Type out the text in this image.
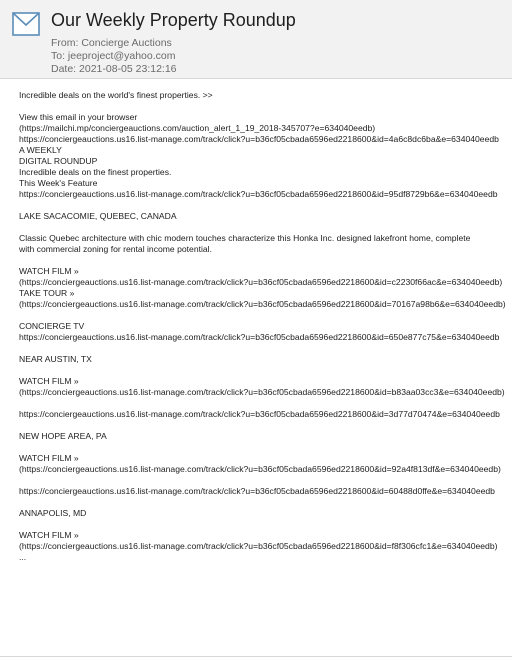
Our Weekly Property Roundup
From: Concierge Auctions
To: jeeproject@yahoo.com
Date: 2021-08-05 23:12:16
Incredible deals on the world's finest properties. >>
View this email in your browser
(https://mailchi.mp/conciergeauctions.com/auction_alert_1_19_2018-345707?e=634040eedb)
https://conciergeauctions.us16.list-manage.com/track/click?u=b36cf05cbada6596ed2218600&id=4a6c8dc6ba&e=634040eedb
A WEEKLY
DIGITAL ROUNDUP
Incredible deals on the finest properties.
This Week's Feature
https://conciergeauctions.us16.list-manage.com/track/click?u=b36cf05cbada6596ed2218600&id=95df8729b6&e=634040eedb
LAKE SACACOMIE, QUEBEC, CANADA
Classic Quebec architecture with chic modern touches characterize this Honka Inc. designed lakefront home, complete
with commercial zoning for rental income potential.
WATCH FILM »
(https://conciergeauctions.us16.list-manage.com/track/click?u=b36cf05cbada6596ed2218600&id=c2230f66ac&e=634040eedb)
TAKE TOUR »
(https://conciergeauctions.us16.list-manage.com/track/click?u=b36cf05cbada6596ed2218600&id=70167a98b6&e=634040eedb)
CONCIERGE TV
https://conciergeauctions.us16.list-manage.com/track/click?u=b36cf05cbada6596ed2218600&id=650e877c75&e=634040eedb
NEAR AUSTIN, TX
WATCH FILM »
(https://conciergeauctions.us16.list-manage.com/track/click?u=b36cf05cbada6596ed2218600&id=b83aa03cc3&e=634040eedb)
https://conciergeauctions.us16.list-manage.com/track/click?u=b36cf05cbada6596ed2218600&id=3d77d70474&e=634040eedb
NEW HOPE AREA, PA
WATCH FILM »
(https://conciergeauctions.us16.list-manage.com/track/click?u=b36cf05cbada6596ed2218600&id=92a4f813df&e=634040eedb)
https://conciergeauctions.us16.list-manage.com/track/click?u=b36cf05cbada6596ed2218600&id=60488d0ffe&e=634040eedb
ANNAPOLIS, MD
WATCH FILM »
(https://conciergeauctions.us16.list-manage.com/track/click?u=b36cf05cbada6596ed2218600&id=f8f306cfc1&e=634040eedb)
...
